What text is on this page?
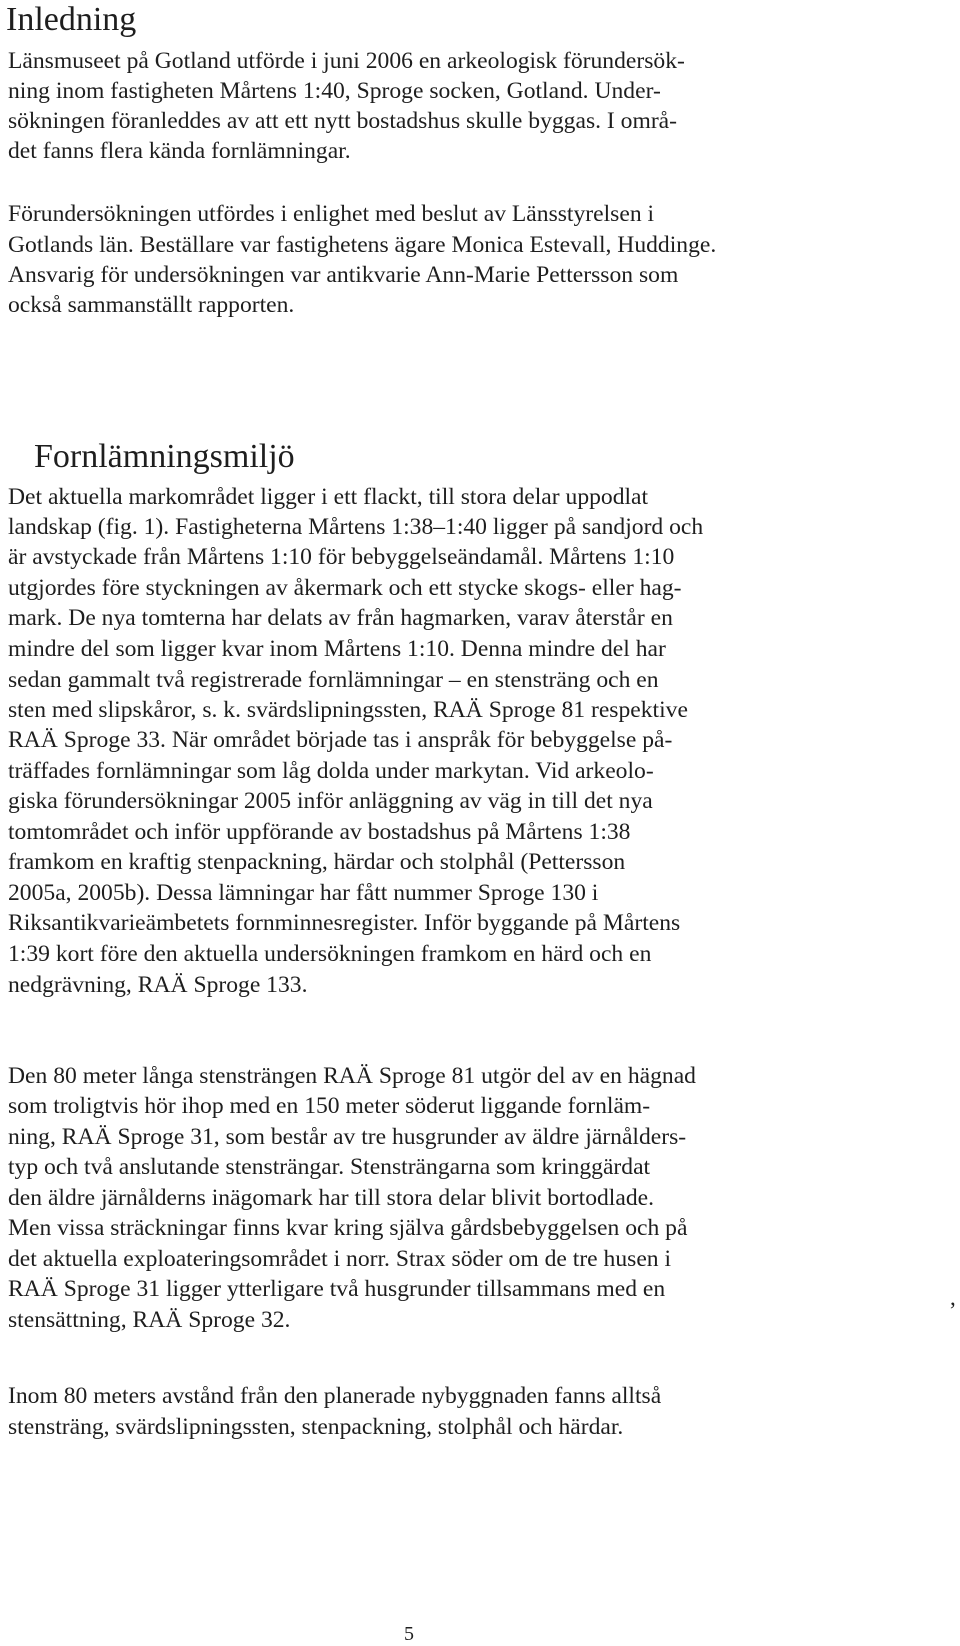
Inledning
Länsmuseet på Gotland utförde i juni 2006 en arkeologisk förundersök-
ning inom fastigheten Mårtens 1:40, Sproge socken, Gotland. Under-
sökningen föranleddes av att ett nytt bostadshus skulle byggas. I områ-
det fanns flera kända fornlämningar.
Förundersökningen utfördes i enlighet med beslut av Länsstyrelsen i
Gotlands län. Beställare var fastighetens ägare Monica Estevall, Huddinge.
Ansvarig för undersökningen var antikvarie Ann-Marie Pettersson som
också sammanställt rapporten.
Fornlämningsmiljö
Det aktuella markområdet ligger i ett flackt, till stora delar uppodlat
landskap (fig. 1). Fastigheterna Mårtens 1:38–1:40 ligger på sandjord och
är avstyckade från Mårtens 1:10 för bebyggelseändamål. Mårtens 1:10
utgjordes före styckningen av åkermark och ett stycke skogs- eller hag-
mark. De nya tomterna har delats av från hagmarken, varav återstår en
mindre del som ligger kvar inom Mårtens 1:10. Denna mindre del har
sedan gammalt två registrerade fornlämningar – en stensträng och en
sten med slipskåror, s. k. svärdslipningssten, RAÄ Sproge 81 respektive
RAÄ Sproge 33. När området började tas i anspråk för bebyggelse på-
träffades fornlämningar som låg dolda under markytan. Vid arkeolo-
giska förundersökningar 2005 inför anläggning av väg in till det nya
tomtområdet och inför uppförande av bostadshus på Mårtens 1:38
framkom en kraftig stenpackning, härdar och stolphål (Pettersson
2005a, 2005b). Dessa lämningar har fått nummer Sproge 130 i
Riksantikvarieämbetets fornminnesregister. Inför byggande på Mårtens
1:39 kort före den aktuella undersökningen framkom en härd och en
nedgrävning, RAÄ Sproge 133.
Den 80 meter långa stensträngen RAÄ Sproge 81 utgör del av en hägnad
som troligtvis hör ihop med en 150 meter söderut liggande fornläm-
ning, RAÄ Sproge 31, som består av tre husgrunder av äldre järnålders-
typ och två anslutande stensträngar. Stensträngarna som kringgärdat
den äldre järnålderns inägomark har till stora delar blivit bortodlade.
Men vissa sträckningar finns kvar kring själva gårdsbebyggelsen och på
det aktuella exploateringsområdet i norr. Strax söder om de tre husen i
RAÄ Sproge 31 ligger ytterligare två husgrunder tillsammans med en
stensättning, RAÄ Sproge 32.
Inom 80 meters avstånd från den planerade nybyggnaden fanns alltså
stensträng, svärdslipningssten, stenpackning, stolphål och härdar.
,
5
